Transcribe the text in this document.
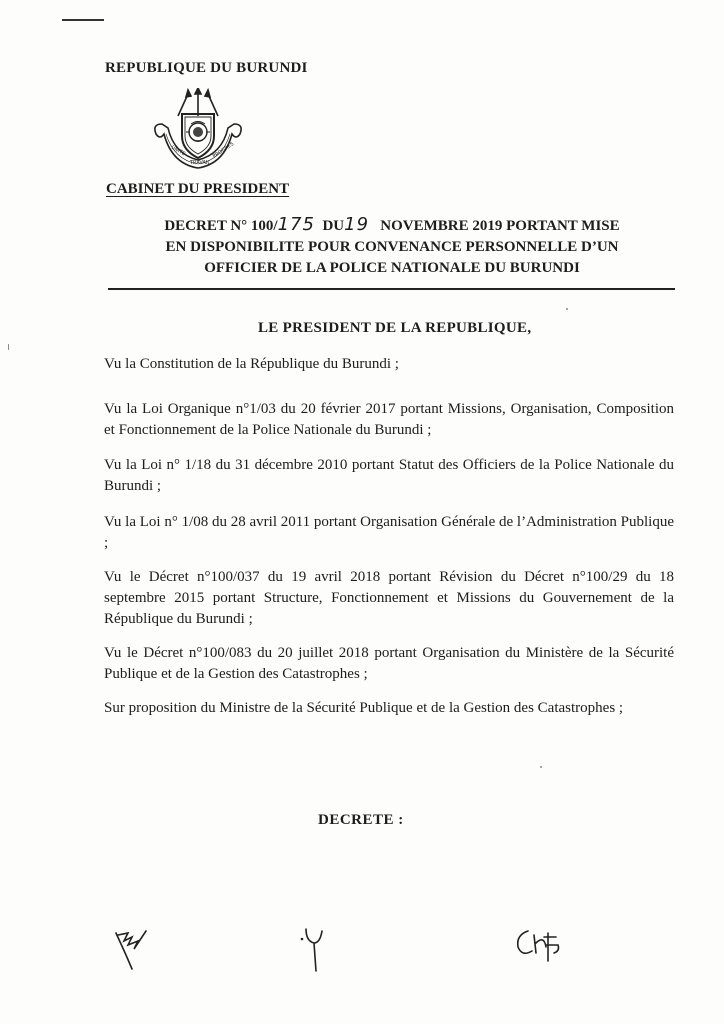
REPUBLIQUE DU BURUNDI
UNITE
TRAVAIL
PROGRES
CABINET DU PRESIDENT
DECRET N° 100/175 DU19 NOVEMBRE 2019 PORTANT MISE
EN DISPONIBILITE POUR CONVENANCE PERSONNELLE D’UN
OFFICIER DE LA POLICE NATIONALE DU BURUNDI
LE PRESIDENT DE LA REPUBLIQUE,

Vu la Constitution de la République du Burundi ;

Vu la Loi Organique n°1/03 du 20 février 2017 portant Missions, Organisation, Composition et Fonctionnement de la Police Nationale du Burundi ;

Vu la Loi n° 1/18 du 31 décembre 2010 portant Statut des Officiers de la Police Nationale du Burundi ;

Vu la Loi n° 1/08 du 28 avril 2011 portant Organisation Générale de l’Administration Publique ;

Vu le Décret n°100/037 du 19 avril 2018 portant Révision du Décret n°100/29 du 18 septembre 2015 portant Structure, Fonctionnement et Missions du Gouvernement de la République du Burundi ;

Vu le Décret n°100/083 du 20 juillet 2018 portant Organisation du Ministère de la Sécurité Publique et de la Gestion des Catastrophes ;

Sur proposition du Ministre de la Sécurité Publique et de la Gestion des Catastrophes ;

DECRETE :
